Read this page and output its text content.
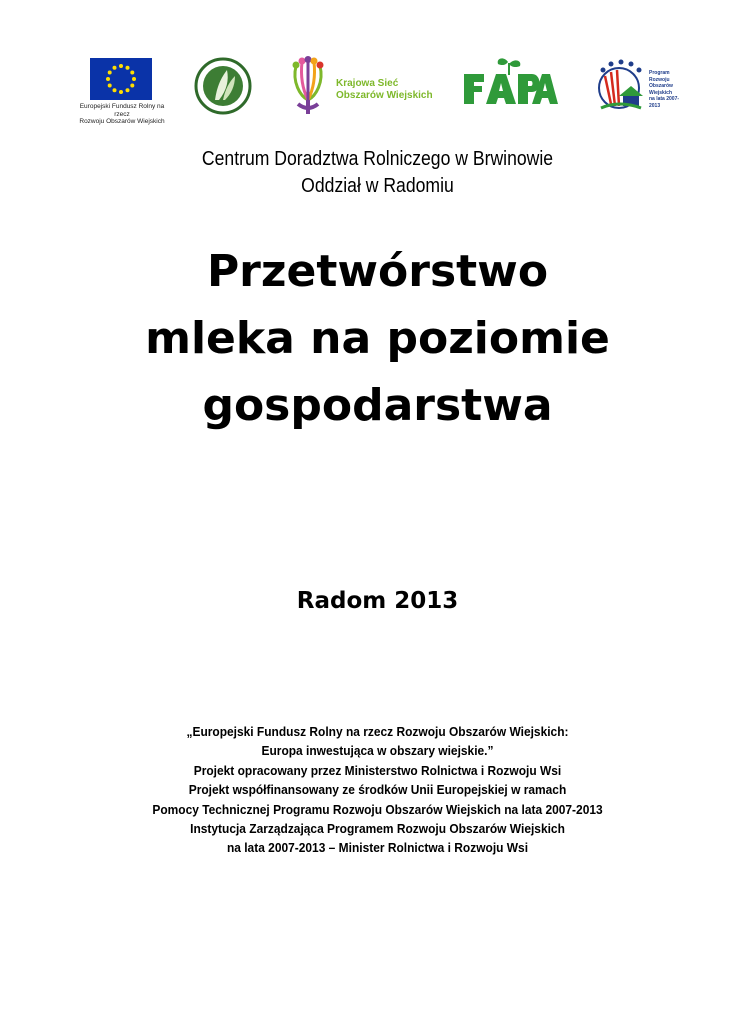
Europejski Fundusz Rolny na rzecz
Rozwoju Obszarów Wiejskich
Krajowa Sieć
Obszarów Wiejskich
Program
Rozwoju
Obszarów
Wiejskich
na lata 2007-2013
Centrum Doradztwa Rolniczego w Brwinowie
Oddział w Radomiu
Przetwórstwo
mleka na poziomie
gospodarstwa
Radom 2013
„Europejski Fundusz Rolny na rzecz Rozwoju Obszarów Wiejskich:
Europa inwestująca w obszary wiejskie.”
Projekt opracowany przez Ministerstwo Rolnictwa i Rozwoju Wsi
Projekt współfinansowany ze środków Unii Europejskiej w ramach
Pomocy Technicznej Programu Rozwoju Obszarów Wiejskich na lata 2007-2013
Instytucja Zarządzająca Programem Rozwoju Obszarów Wiejskich
na lata 2007-2013 – Minister Rolnictwa i Rozwoju Wsi
